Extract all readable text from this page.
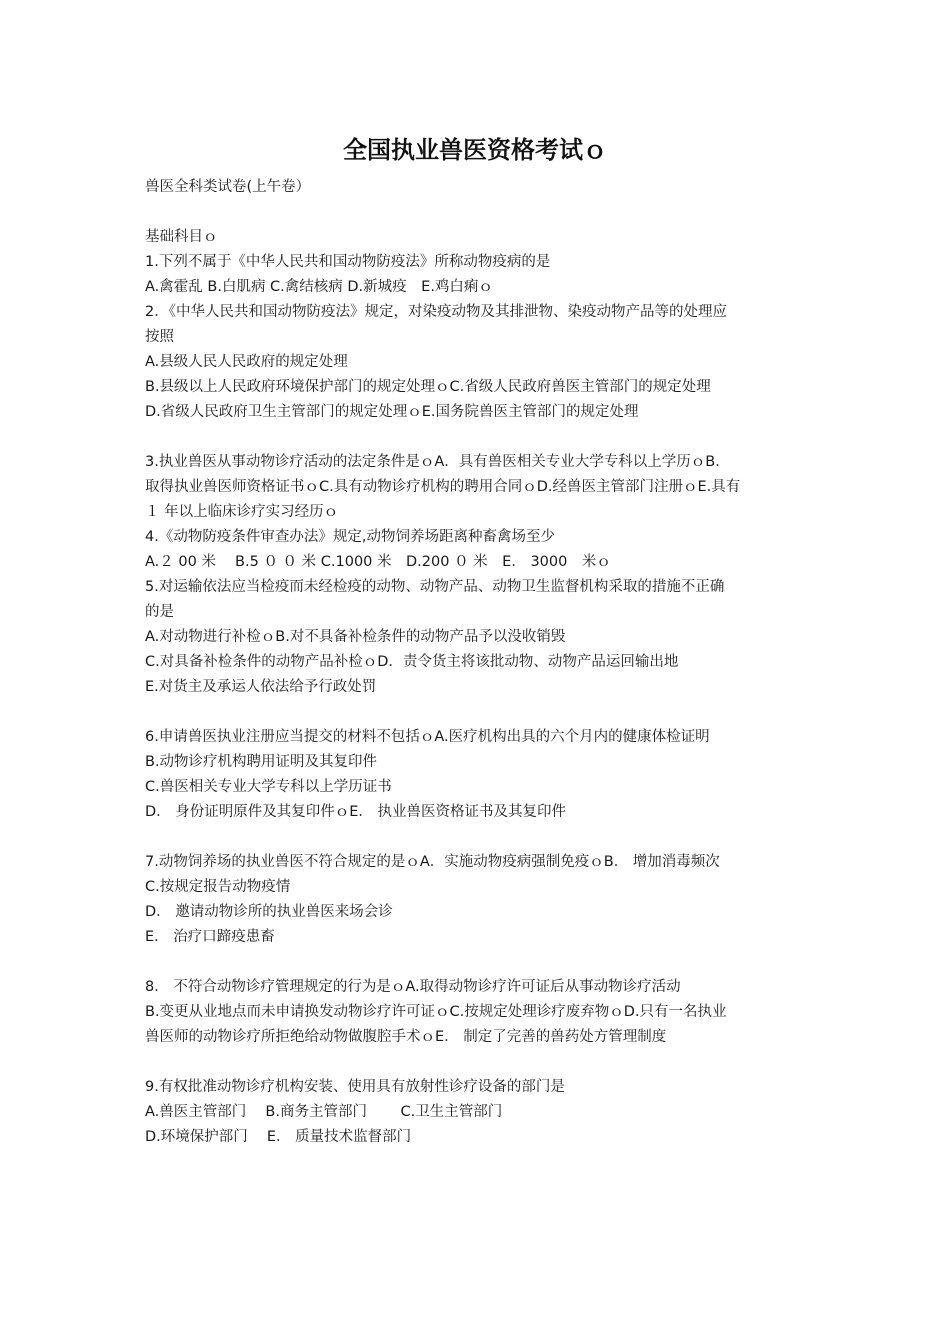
全国执业兽医资格考试ｏ
兽医全科类试卷(上午卷）
基础科目ｏ
1.下列不属于《中华人民共和国动物防疫法》所称动物疫病的是
A.禽霍乱 B.白肌病 C.禽结核病 D.新城疫　E.鸡白痢ｏ
2．《中华人民共和国动物防疫法》规定，对染疫动物及其排泄物、染疫动物产品等的处理应
按照
A.县级人民人民政府的规定处理
B.县级以上人民政府环境保护部门的规定处理ｏC.省级人民政府兽医主管部门的规定处理
D.省级人民政府卫生主管部门的规定处理ｏE.国务院兽医主管部门的规定处理
3.执业兽医从事动物诊疗活动的法定条件是ｏA．具有兽医相关专业大学专科以上学历ｏB.
取得执业兽医师资格证书ｏC.具有动物诊疗机构的聘用合同ｏD.经兽医主管部门注册ｏE.具有
１ 年以上临床诊疗实习经历ｏ
4.《动物防疫条件审查办法》规定,动物饲养场距离种畜禽场至少
A.２ 00 米　 B.5 ０ ０ 米 C.1000 米　D.200 ０ 米　E． 3000　米ｏ
5.对运输依法应当检疫而未经检疫的动物、动物产品、动物卫生监督机构采取的措施不正确
的是
A.对动物进行补检ｏB.对不具备补检条件的动物产品予以没收销毁
C.对具备补检条件的动物产品补检ｏD．责令货主将该批动物、动物产品运回输出地
E.对货主及承运人依法给予行政处罚
6.申请兽医执业注册应当提交的材料不包括ｏA.医疗机构出具的六个月内的健康体检证明
B.动物诊疗机构聘用证明及其复印件
C.兽医相关专业大学专科以上学历证书
D． 身份证明原件及其复印件ｏE． 执业兽医资格证书及其复印件
7.动物饲养场的执业兽医不符合规定的是ｏA．实施动物疫病强制免疫ｏB． 增加消毒频次
C.按规定报告动物疫情
D． 邀请动物诊所的执业兽医来场会诊
E． 治疗口蹄疫患畜
8． 不符合动物诊疗管理规定的行为是ｏA.取得动物诊疗许可证后从事动物诊疗活动
B.变更从业地点而未申请换发动物诊疗许可证ｏC.按规定处理诊疗废弃物ｏD.只有一名执业
兽医师的动物诊疗所拒绝给动物做腹腔手术ｏE． 制定了完善的兽药处方管理制度
9.有权批准动物诊疗机构安装、使用具有放射性诊疗设备的部门是
A.兽医主管部门　 B.商务主管部门　　 C.卫生主管部门
D.环境保护部门　 E． 质量技术监督部门
